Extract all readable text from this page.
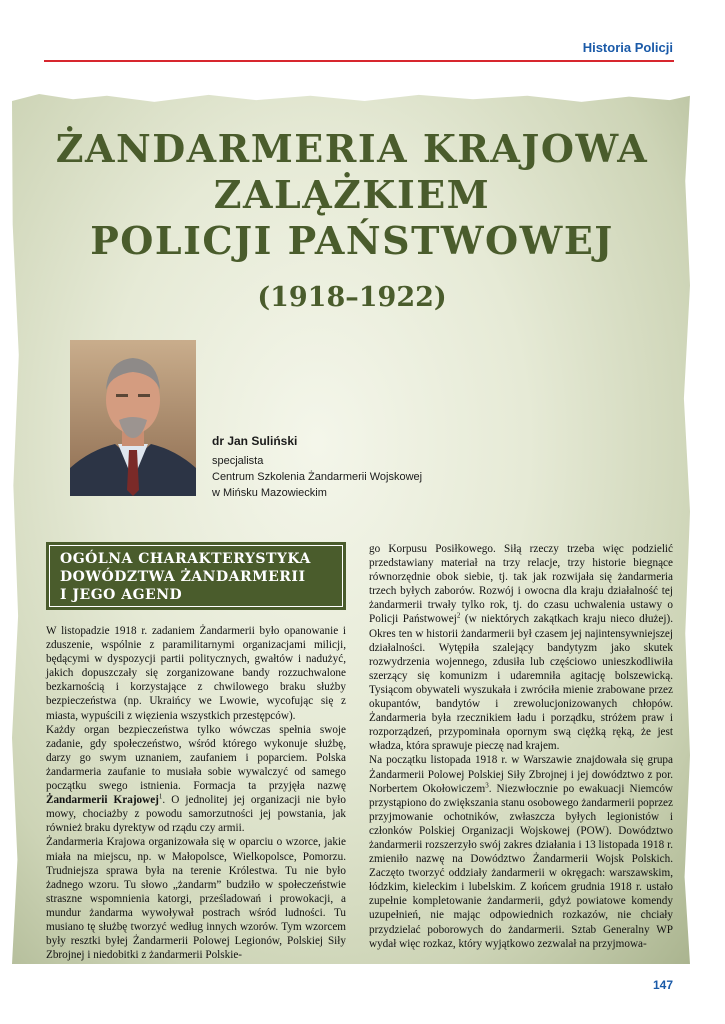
Historia Policji
ŻANDARMERIA KRAJOWA
ZALĄŻKIEM
POLICJI PAŃSTWOWEJ
(1918–1922)
dr Jan Suliński
specjalista
Centrum Szkolenia Żandarmerii Wojskowej
w Mińsku Mazowieckim
OGÓLNA CHARAKTERYSTYKA
DOWÓDZTWA ŻANDARMERII
I JEGO AGEND

W listopadzie 1918 r. zadaniem Żandarmerii było opanowanie i zduszenie, wspólnie z paramilitarnymi organizacjami milicji, będącymi w dyspozycji partii politycznych, gwałtów i nadużyć, jakich dopuszczały się zorganizowane bandy rozzuchwalone bezkarnością i korzystające z chwilowego braku służby bezpieczeństwa (np. Ukraińcy we Lwowie, wycofując się z miasta, wypuścili z więzienia wszystkich przestępców).

Każdy organ bezpieczeństwa tylko wówczas spełnia swoje zadanie, gdy społeczeństwo, wśród którego wykonuje służbę, darzy go swym uznaniem, zaufaniem i poparciem. Polska żandarmeria zaufanie to musiała sobie wywalczyć od samego początku swego istnienia. Formacja ta przyjęła nazwę Żandarmerii Krajowej$^1$. O jednolitej jej organizacji nie było mowy, chociażby z powodu samorzutności jej powstania, jak również braku dyrektyw od rządu czy armii.

Żandarmeria Krajowa organizowała się w oparciu o wzorce, jakie miała na miejscu, np. w Małopolsce, Wielkopolsce, Pomorzu. Trudniejsza sprawa była na terenie Królestwa. Tu nie było żadnego wzoru. Tu słowo „żandarm” budziło w społeczeństwie straszne wspomnienia katorgi, prześladowań i prowokacji, a mundur żandarma wywoływał postrach wśród ludności. Tu musiano tę służbę tworzyć według innych wzorów. Tym wzorcem były resztki byłej Żandarmerii Polowej Legionów, Polskiej Siły Zbrojnej i niedobitki z żandarmerii Polskie-

go Korpusu Posiłkowego. Siłą rzeczy trzeba więc podzielić przedstawiany materiał na trzy relacje, trzy historie biegnące równorzędnie obok siebie, tj. tak jak rozwijała się żandarmeria trzech byłych zaborów. Rozwój i owocna dla kraju działalność tej żandarmerii trwały tylko rok, tj. do czasu uchwalenia ustawy o Policji Państwowej$^2$ (w niektórych zakątkach kraju nieco dłużej). Okres ten w historii żandarmerii był czasem jej najintensywniejszej działalności. Wytępiła szalejący bandytyzm jako skutek rozwydrzenia wojennego, zdusiła lub częściowo unieszkodliwiła szerzący się komunizm i udaremniła agitację bolszewicką. Tysiącom obywateli wyszukała i zwróciła mienie zrabowane przez okupantów, bandytów i zrewolucjonizowanych chłopów. Żandarmeria była rzecznikiem ładu i porządku, stróżem praw i rozporządzeń, przypominała opornym swą ciężką ręką, że jest władza, która sprawuje pieczę nad krajem.

Na początku listopada 1918 r. w Warszawie znajdowała się grupa Żandarmerii Polowej Polskiej Siły Zbrojnej i jej dowództwo z por. Norbertem Okołowiczem$^3$. Niezwłocznie po ewakuacji Niemców przystąpiono do zwiększania stanu osobowego żandarmerii poprzez przyjmowanie ochotników, zwłaszcza byłych legionistów i członków Polskiej Organizacji Wojskowej (POW). Dowództwo żandarmerii rozszerzyło swój zakres działania i 13 listopada 1918 r. zmieniło nazwę na Dowództwo Żandarmerii Wojsk Polskich. Zaczęto tworzyć oddziały żandarmerii w okręgach: warszawskim, łódzkim, kieleckim i lubelskim. Z końcem grudnia 1918 r. ustało zupełnie kompletowanie żandarmerii, gdyż powiatowe komendy uzupełnień, nie mając odpowiednich rozkazów, nie chciały przydzielać poborowych do żandarmerii. Sztab Generalny WP wydał więc rozkaz, który wyjątkowo zezwalał na przyjmowa-

147
